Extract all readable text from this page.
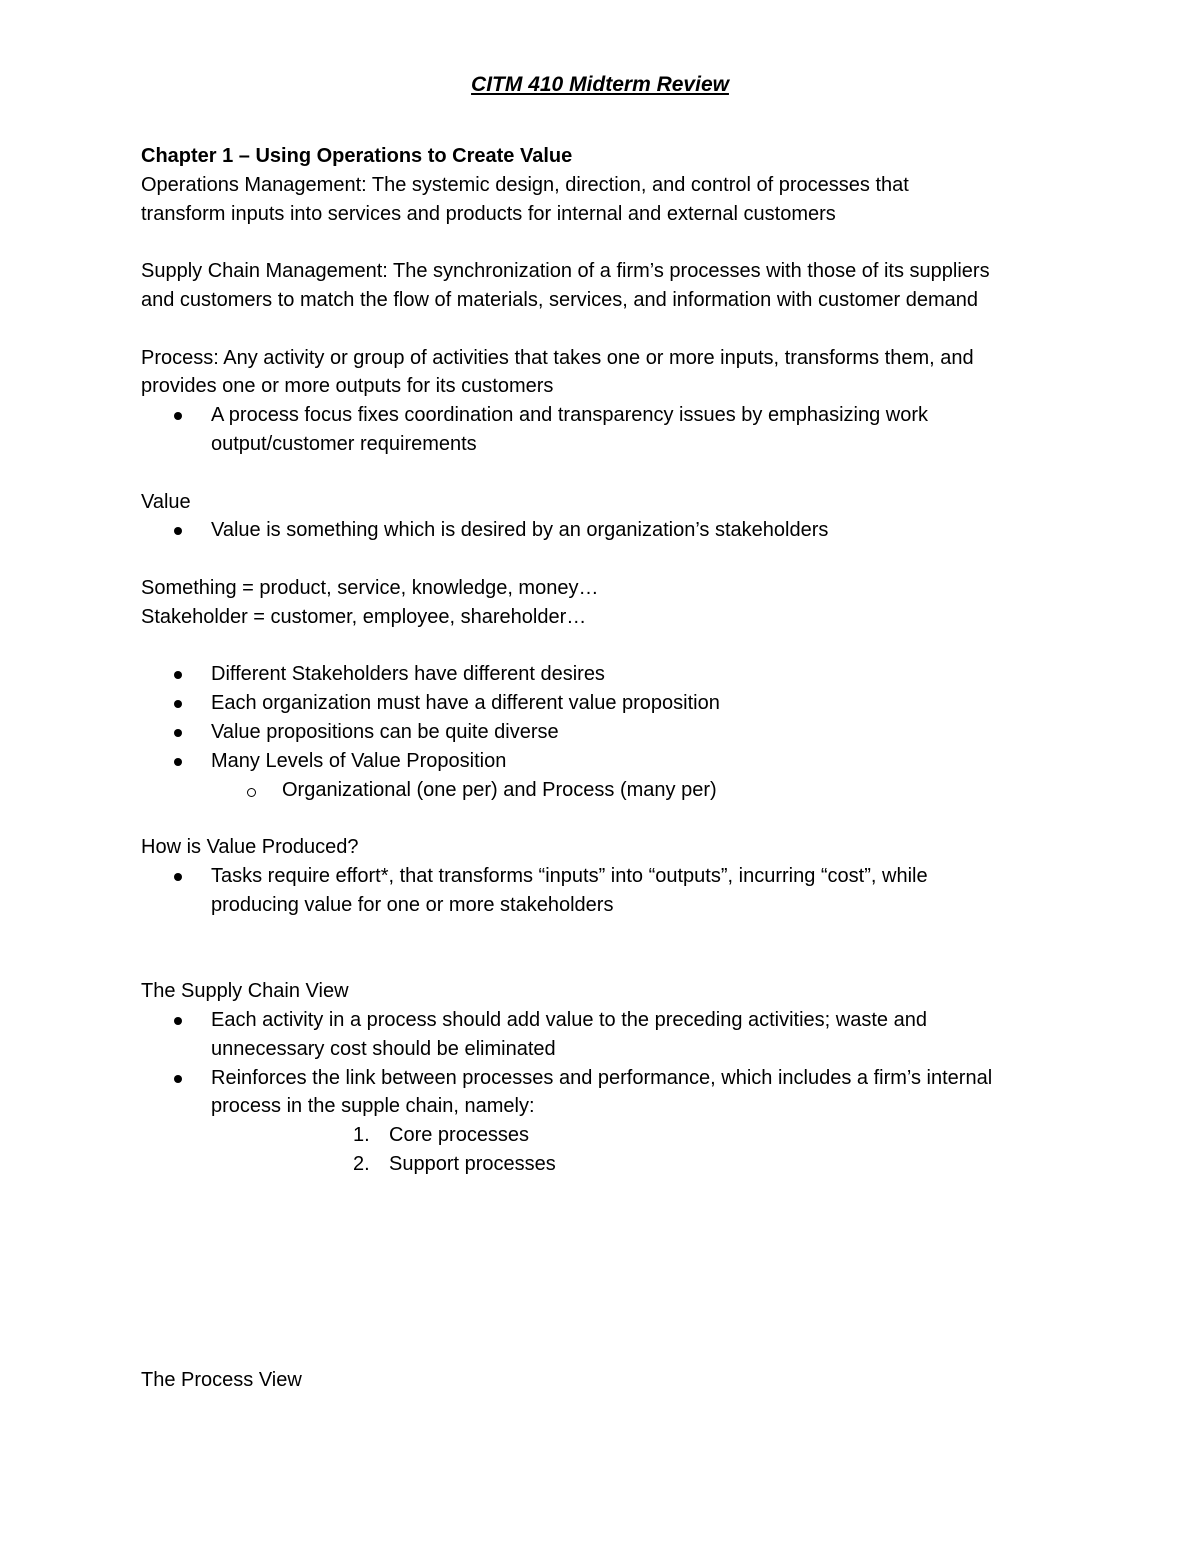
CITM 410 Midterm Review
Chapter 1 – Using Operations to Create Value
Operations Management: The systemic design, direction, and control of processes that
transform inputs into services and products for internal and external customers
Supply Chain Management: The synchronization of a firm’s processes with those of its suppliers
and customers to match the flow of materials, services, and information with customer demand
Process: Any activity or group of activities that takes one or more inputs, transforms them, and
provides one or more outputs for its customers
A process focus fixes coordination and transparency issues by emphasizing work
output/customer requirements
Value
Value is something which is desired by an organization’s stakeholders
Something = product, service, knowledge, money…
Stakeholder = customer, employee, shareholder…
Different Stakeholders have different desires
Each organization must have a different value proposition
Value propositions can be quite diverse
Many Levels of Value Proposition
Organizational (one per) and Process (many per)
How is Value Produced?
Tasks require effort*, that transforms “inputs” into “outputs”, incurring “cost”, while
producing value for one or more stakeholders
The Supply Chain View
Each activity in a process should add value to the preceding activities; waste and
unnecessary cost should be eliminated
Reinforces the link between processes and performance, which includes a firm’s internal
process in the supple chain, namely:
1. Core processes
2. Support processes
The Process View
